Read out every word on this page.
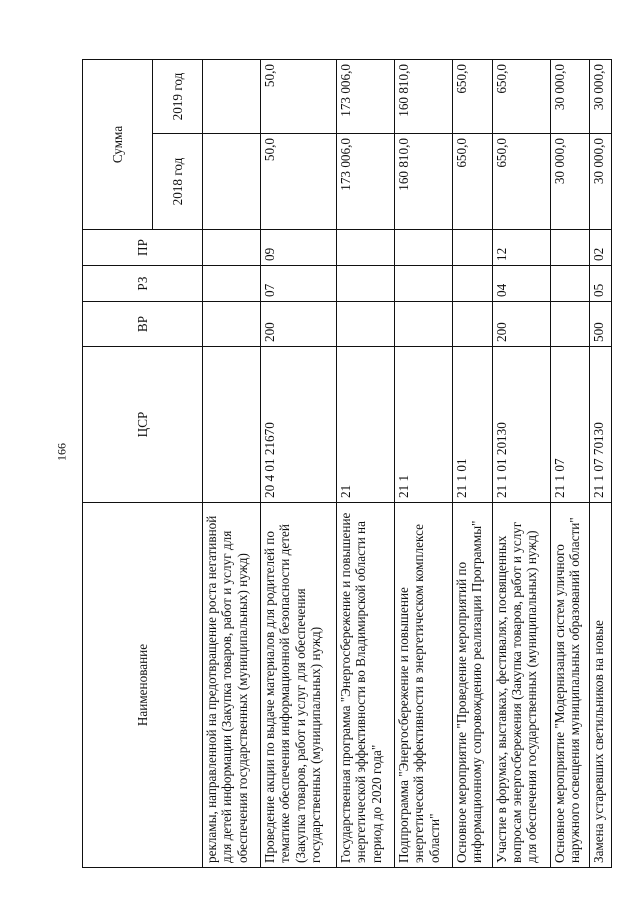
166
Наименование	ЦСР	ВР	РЗ	ПР	Сумма	
					2018 год	2019 год
рекламы, направленной на предотвращение роста негативной для детей информации (Закупка товаров, работ и услуг для обеспечения государственных (муниципальных) нужд)						
Проведение акции по выдаче материалов для родителей по тематике обеспечения информационной безопасности детей (Закупка товаров, работ и услуг для обеспечения государственных (муниципальных) нужд)	20 4 01 21670	200	07	09	50,0	50,0
Государственная программа "Энергосбережение и повышение энергетической эффективности во Владимирской области на период до 2020 года"	21				173 006,0	173 006,0
Подпрограмма "Энергосбережение и повышение энергетической эффективности в энергетическом комплексе области"	21 1				160 810,0	160 810,0
Основное мероприятие "Проведение мероприятий по информационному сопровождению реализации Программы"	21 1 01				650,0	650,0
Участие в форумах, выставках, фестивалях, посвященных вопросам энергосбережения (Закупка товаров, работ и услуг для обеспечения государственных (муниципальных) нужд)	21 1 01 20130	200	04	12	650,0	650,0
Основное мероприятие "Модернизация систем уличного наружного освещения муниципальных образований области"	21 1 07				30 000,0	30 000,0
Замена устаревших светильников на новые	21 1 07 70130	500	05	02	30 000,0	30 000,0
